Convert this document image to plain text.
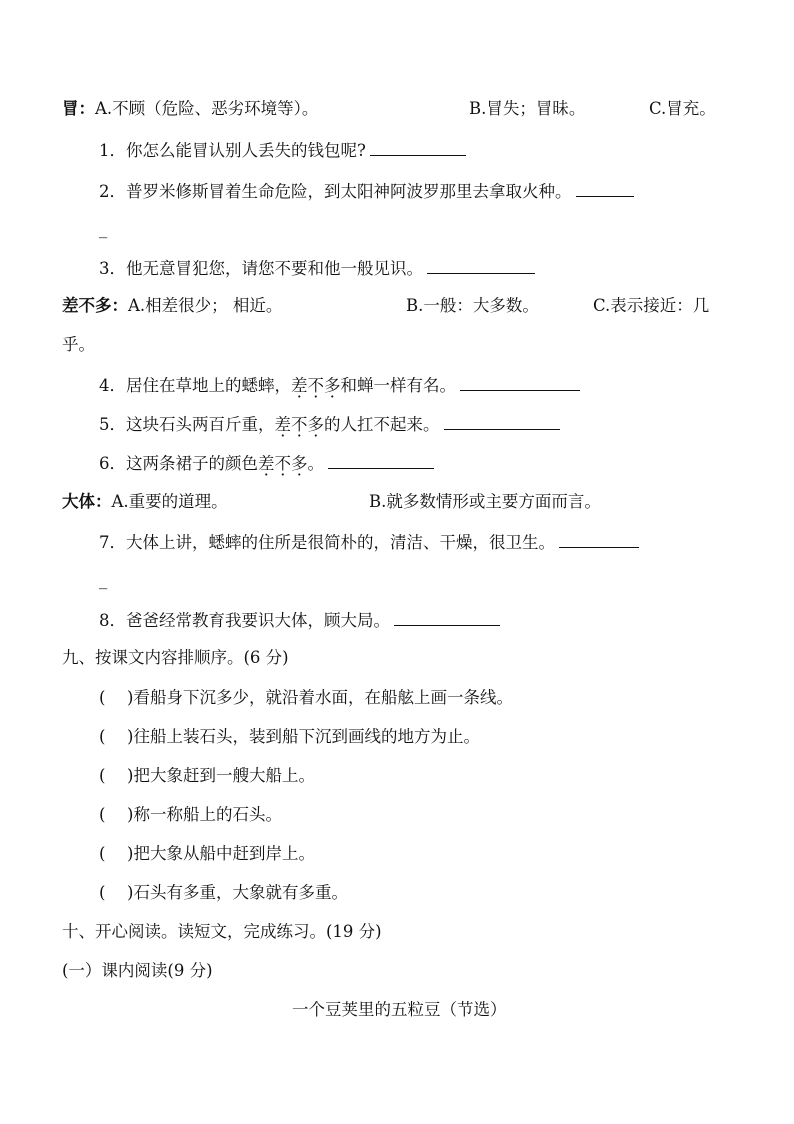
冒：A.不顾（危险、恶劣环境等）。	B.冒失；冒昧。	C.冒充。
1．你怎么能冒认别人丢失的钱包呢?
2．普罗米修斯冒着生命危险，到太阳神阿波罗那里去拿取火种。
_
3．他无意冒犯您，请您不要和他一般见识。
差不多：A.相差很少； 相近。	B.一般：大多数。	C.表示接近：几
乎。
4．居住在草地上的蟋蟀，差不多和蝉一样有名。
5．这块石头两百斤重，差不多的人扛不起来。
6．这两条裙子的颜色差不多。
大体：A.重要的道理。	B.就多数情形或主要方面而言。
7．大体上讲，蟋蟀的住所是很简朴的，清洁、干燥，很卫生。
_
8．爸爸经常教育我要识大体，顾大局。
九、按课文内容排顺序。(6 分)
( )看船身下沉多少，就沿着水面，在船舷上画一条线。
( )往船上装石头，装到船下沉到画线的地方为止。
( )把大象赶到一艘大船上。
( )称一称船上的石头。
( )把大象从船中赶到岸上。
( )石头有多重，大象就有多重。
十、开心阅读。读短文，完成练习。(19 分)
(一）课内阅读(9 分)
一个豆荚里的五粒豆（节选）
